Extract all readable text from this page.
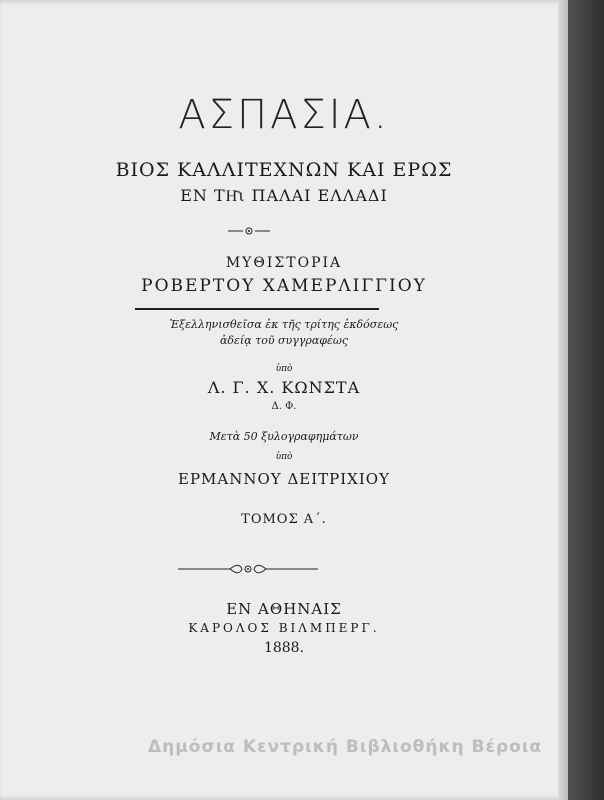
ΑΣΠΑΣΙΑ.
ΒΙΟΣ ΚΑΛΛΙΤΕΧΝΩΝ ΚΑΙ ΕΡΩΣ
ΕΝ ΤΗ͂ι ΠΑΛΑΙ ΕΛΛΑΔΙ
ΜΥΘΙΣΤΟΡΙΑ
ΡΟΒΕΡΤΟΥ ΧΑΜΕΡΛΙΓΓΙΟΥ
Ἐξελληνισθεῖσα ἐκ τῆς τρίτης ἐκδόσεως
ἀδείᾳ τοῦ συγγραφέως
ὑπὸ
Λ. Γ. Χ. ΚΩΝΣΤΑ
Δ. Φ.
Μετὰ 50 ξυλογραφημάτων
ὑπὸ
ΕΡΜΑΝΝΟΥ ΔΕΙΤΡΙΧΙΟΥ
ΤΟΜΟΣ Α΄.
ΕΝ ΑΘΗΝΑΙΣ
ΚΑΡΟΛΟΣ ΒΙΛΜΠΕΡΓ.
1888.
Δημόσια Κεντρική Βιβλιοθήκη Βέροια
